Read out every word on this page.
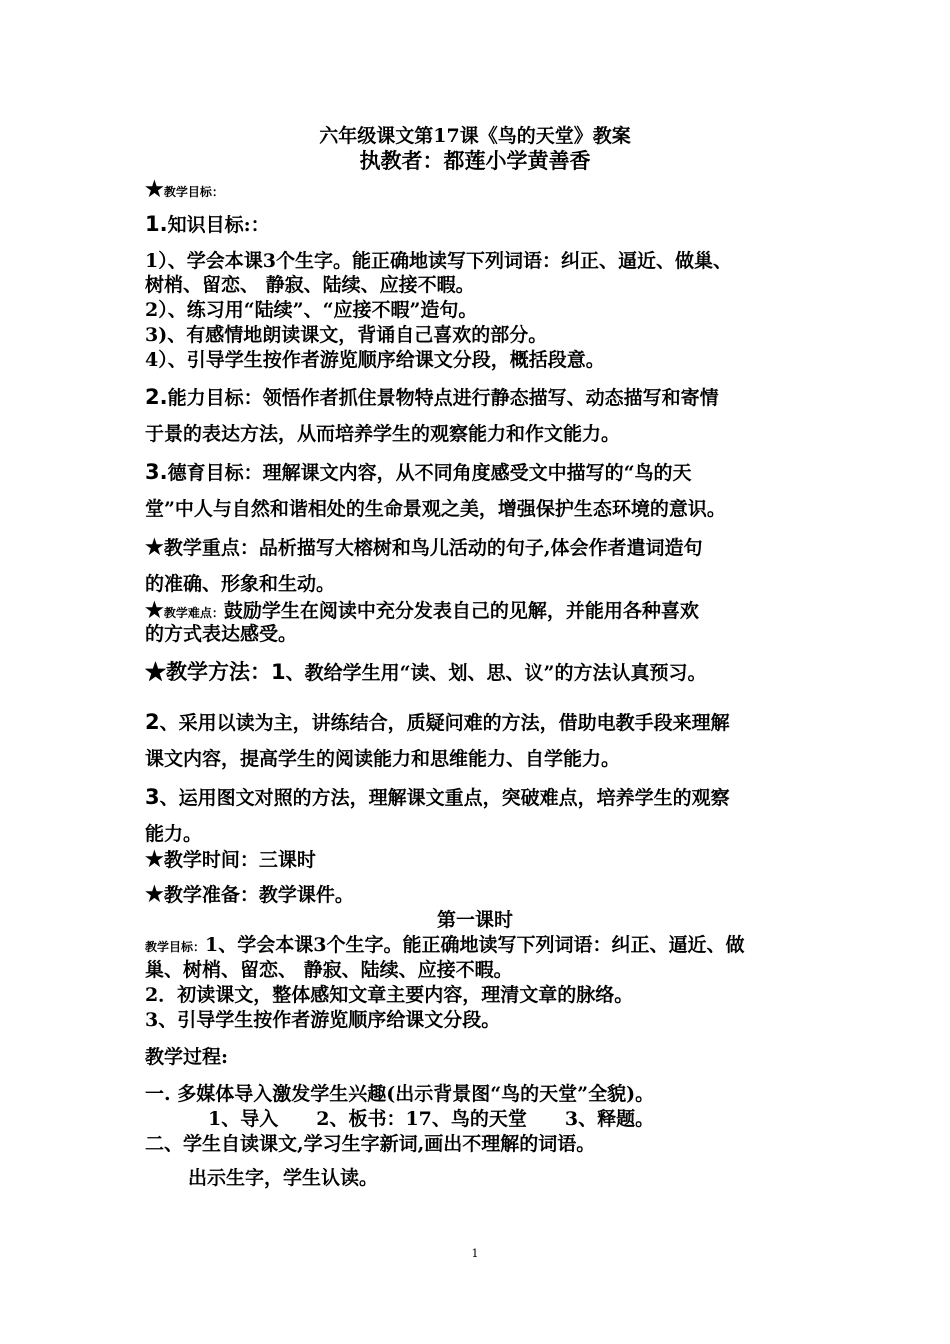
六年级课文第17课《鸟的天堂》教案
执教者：都莲小学黄善香
★教学目标：
1.知识目标:：
1）、学会本课3个生字。能正确地读写下列词语：纠正、逼近、做巢、
树梢、留恋、 静寂、陆续、应接不暇。
2）、练习用“陆续”、“应接不暇”造句。
3)、有感情地朗读课文，背诵自己喜欢的部分。
4）、引导学生按作者游览顺序给课文分段，概括段意。
2.能力目标：领悟作者抓住景物特点进行静态描写、动态描写和寄情
于景的表达方法，从而培养学生的观察能力和作文能力。
3.德育目标：理解课文内容，从不同角度感受文中描写的“鸟的天
堂”中人与自然和谐相处的生命景观之美，增强保护生态环境的意识。
★教学重点：品析描写大榕树和鸟儿活动的句子,体会作者遣词造句
的准确、形象和生动。
★教学难点：鼓励学生在阅读中充分发表自己的见解，并能用各种喜欢
的方式表达感受。
★教学方法：1、教给学生用“读、划、思、议”的方法认真预习。
2、采用以读为主，讲练结合，质疑问难的方法，借助电教手段来理解
课文内容，提高学生的阅读能力和思维能力、自学能力。
3、运用图文对照的方法，理解课文重点，突破难点，培养学生的观察
能力。
★教学时间：三课时
★教学准备：教学课件。
第一课时
教学目标：1、学会本课3个生字。能正确地读写下列词语：纠正、逼近、做
巢、树梢、留恋、 静寂、陆续、应接不暇。
2．初读课文，整体感知文章主要内容，理清文章的脉络。
3、引导学生按作者游览顺序给课文分段。
教学过程:
一. 多媒体导入激发学生兴趣(出示背景图“鸟的天堂”全貌)。
1、导入　　2、板书：17、鸟的天堂　　3、释题。
二、学生自读课文,学习生字新词,画出不理解的词语。
出示生字，学生认读。
1
